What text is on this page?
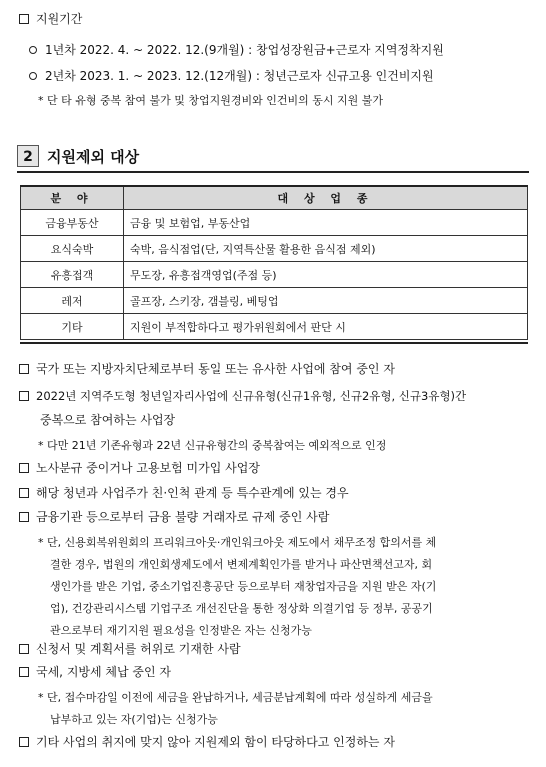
지원기간
1년차 2022. 4. ~ 2022. 12.(9개월) : 창업성장원금+근로자 지역정착지원
2년차 2023. 1. ~ 2023. 12.(12개월) : 청년근로자 신규고용 인건비지원
* 단 타 유형 중복 참여 불가 및 창업지원경비와 인건비의 동시 지원 불가
2 지원제외 대상
분 야	대 상 업 종
금융부동산	금융 및 보험업, 부동산업
요식숙박	숙박, 음식점업(단, 지역특산물 활용한 음식점 제외)
유흥접객	무도장, 유흥접객영업(주점 등)
레저	골프장, 스키장, 갬블링, 베팅업
기타	지원이 부적합하다고 평가위원회에서 판단 시
국가 또는 지방자치단체로부터 동일 또는 유사한 사업에 참여 중인 자
2022년 지역주도형 청년일자리사업에 신규유형(신규1유형, 신규2유형, 신규3유형)간
중복으로 참여하는 사업장
* 다만 21년 기존유형과 22년 신규유형간의 중복참여는 예외적으로 인정
노사분규 중이거나 고용보험 미가입 사업장
해당 청년과 사업주가 친·인척 관계 등 특수관계에 있는 경우
금융기관 등으로부터 금융 불량 거래자로 규제 중인 사람
* 단, 신용회복위원회의 프리워크아웃·개인워크아웃 제도에서 채무조정 합의서를 체
결한 경우, 법원의 개인회생제도에서 변제계획인가를 받거나 파산면책선고자, 회
생인가를 받은 기업, 중소기업진흥공단 등으로부터 재창업자금을 지원 받은 자(기
업), 건강관리시스템 기업구조 개선진단을 통한 정상화 의결기업 등 정부, 공공기
관으로부터 재기지원 필요성을 인정받은 자는 신청가능
신청서 및 계획서를 허위로 기재한 사람
국세, 지방세 체납 중인 자
* 단, 접수마감일 이전에 세금을 완납하거나, 세금분납계획에 따라 성실하게 세금을
납부하고 있는 자(기업)는 신청가능
기타 사업의 취지에 맞지 않아 지원제외 함이 타당하다고 인정하는 자
